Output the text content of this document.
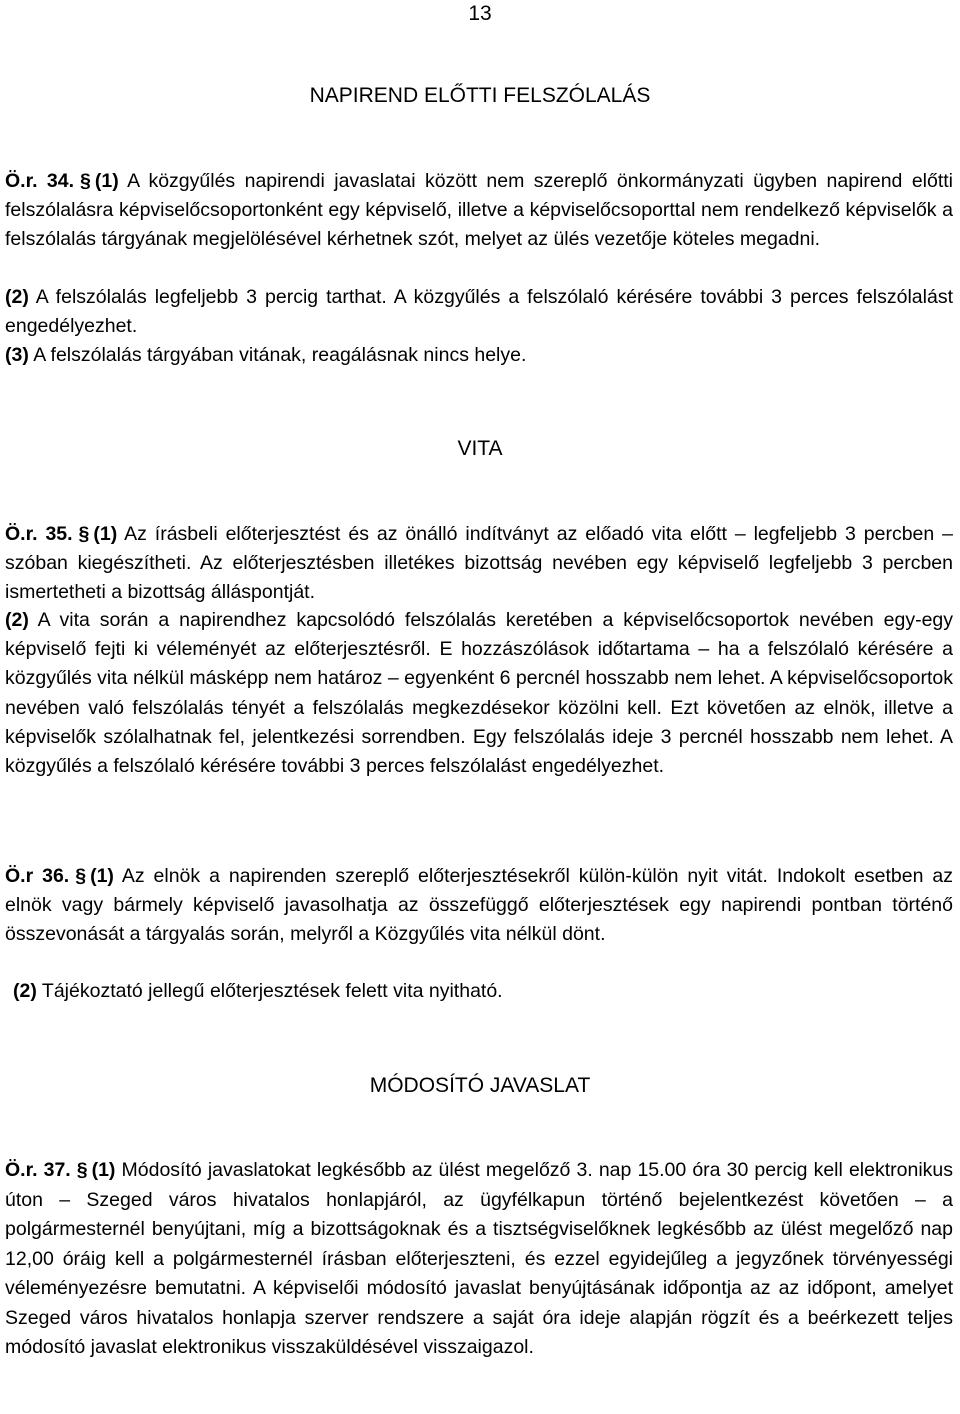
13
NAPIREND ELŐTTI FELSZÓLALÁS

Ö.r. 34. § (1) A közgyűlés napirendi javaslatai között nem szereplő önkormányzati ügyben napirend előtti felszólalásra képviselőcsoportonként egy képviselő, illetve a képviselőcsoporttal nem rendelkező képviselők a felszólalás tárgyának megjelölésével kérhetnek szót, melyet az ülés vezetője köteles megadni.

(2) A felszólalás legfeljebb 3 percig tarthat. A közgyűlés a felszólaló kérésére további 3 perces felszólalást engedélyezhet.

(3) A felszólalás tárgyában vitának, reagálásnak nincs helye.

VITA

Ö.r. 35. § (1) Az írásbeli előterjesztést és az önálló indítványt az előadó vita előtt – legfeljebb 3 percben – szóban kiegészítheti. Az előterjesztésben illetékes bizottság nevében egy képviselő legfeljebb 3 percben ismertetheti a bizottság álláspontját.

(2) A vita során a napirendhez kapcsolódó felszólalás keretében a képviselőcsoportok nevében egy-egy képviselő fejti ki véleményét az előterjesztésről. E hozzászólások időtartama – ha a felszólaló kérésére a közgyűlés vita nélkül másképp nem határoz – egyenként 6 percnél hosszabb nem lehet. A képviselőcsoportok nevében való felszólalás tényét a felszólalás megkezdésekor közölni kell. Ezt követően az elnök, illetve a képviselők szólalhatnak fel, jelentkezési sorrendben. Egy felszólalás ideje 3 percnél hosszabb nem lehet. A közgyűlés a felszólaló kérésére további 3 perces felszólalást engedélyezhet.

Ö.r 36. § (1) Az elnök a napirenden szereplő előterjesztésekről külön-külön nyit vitát. Indokolt esetben az elnök vagy bármely képviselő javasolhatja az összefüggő előterjesztések egy napirendi pontban történő összevonását a tárgyalás során, melyről a Közgyűlés vita nélkül dönt.

(2) Tájékoztató jellegű előterjesztések felett vita nyitható.

MÓDOSÍTÓ JAVASLAT

Ö.r. 37. § (1) Módosító javaslatokat legkésőbb az ülést megelőző 3. nap 15.00 óra 30 percig kell elektronikus úton – Szeged város hivatalos honlapjáról, az ügyfélkapun történő bejelentkezést követően – a polgármesternél benyújtani, míg a bizottságoknak és a tisztségviselőknek legkésőbb az ülést megelőző nap 12,00 óráig kell a polgármesternél írásban előterjeszteni, és ezzel egyidejűleg a jegyzőnek törvényességi véleményezésre bemutatni. A képviselői módosító javaslat benyújtásának időpontja az az időpont, amelyet Szeged város hivatalos honlapja szerver rendszere a saját óra ideje alapján rögzít és a beérkezett teljes módosító javaslat elektronikus visszaküldésével visszaigazol.
